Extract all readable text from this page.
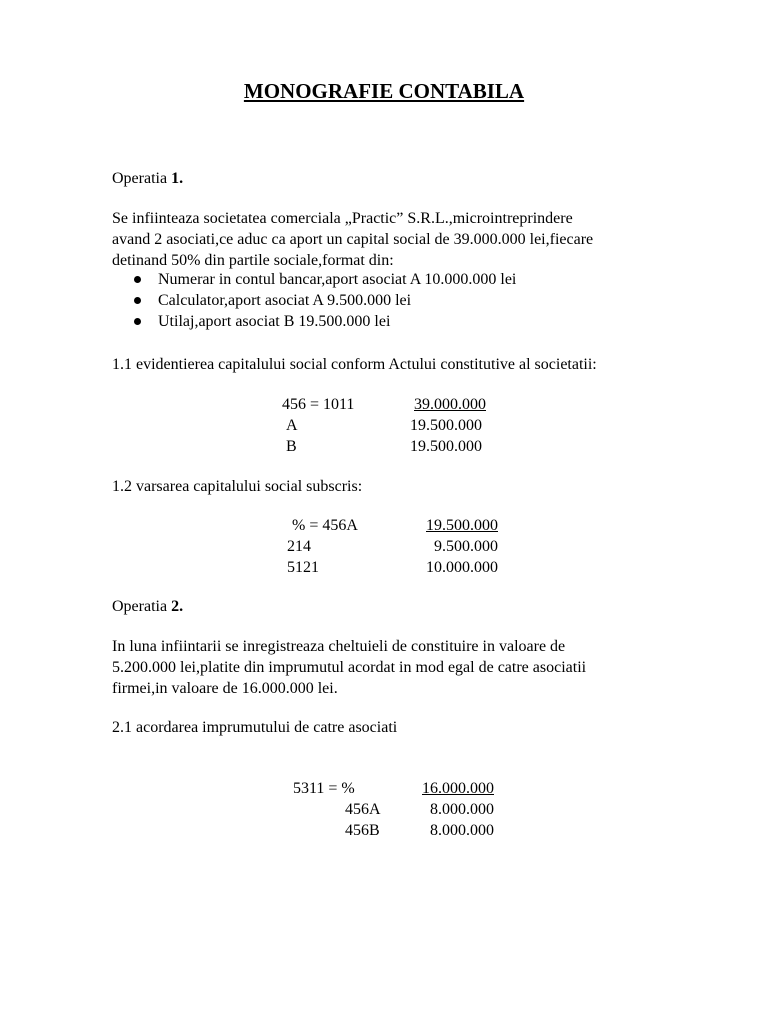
MONOGRAFIE CONTABILA
Operatia 1.
Se infiinteaza societatea comerciala „Practic” S.R.L.,microintreprindere
avand 2 asociati,ce aduc ca aport un capital social de 39.000.000 lei,fiecare
detinand 50% din partile sociale,format din:
Numerar in contul bancar,aport asociat A 10.000.000 lei
Calculator,aport asociat A 9.500.000 lei
Utilaj,aport asociat B 19.500.000 lei
1.1 evidentierea capitalului social conform Actului constitutive al societatii:
456 = 1011	39.000.000
A	19.500.000
B	19.500.000
1.2 varsarea capitalului social subscris:
% = 456A	19.500.000
214	9.500.000
5121	10.000.000
Operatia 2.
In luna infiintarii se inregistreaza cheltuieli de constituire in valoare de
5.200.000 lei,platite din imprumutul acordat in mod egal de catre asociatii
firmei,in valoare de 16.000.000 lei.
2.1 acordarea imprumutului de catre asociati
5311 = %	16.000.000
456A	8.000.000
456B	8.000.000
